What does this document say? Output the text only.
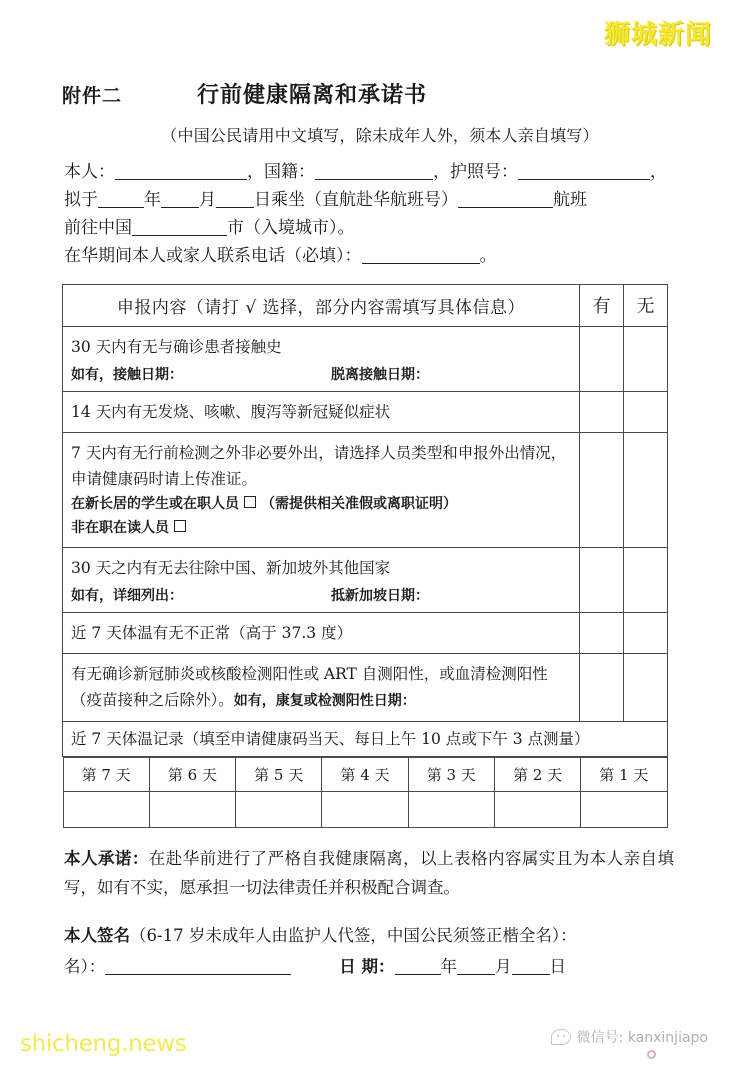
附件二	行前健康隔离和承诺书
（中国公民请用中文填写，除未成年人外，须本人亲自填写）
本人：	，国籍：	，护照号：	，
拟于	年 月 日乘坐（直航赴华航班号）	航班
前往中国	市（入境城市）。
在华期间本人或家人联系电话（必填）：	。
申报内容（请打 √ 选择，部分内容需填写具体信息）	有	无

30 天内有无与确诊患者接触史
如有，接触日期：	脱离接触日期：

14 天内有无发烧、咳嗽、腹泻等新冠疑似症状

7 天内有无行前检测之外非必要外出，请选择人员类型和申报外出情况，申请健康码时请上传准证。
在新长居的学生或在职人员 （需提供相关准假或离职证明）
非在职在读人员

30 天之内有无去往除中国、新加坡外其他国家
如有，详细列出：	抵新加坡日期：

近 7 天体温有无不正常（高于 37.3 度）

有无确诊新冠肺炎或核酸检测阳性或 ART 自测阳性，或血清检测阳性（疫苗接种之后除外）。如有，康复或检测阳性日期：

近 7 天体温记录（填至申请健康码当天、每日上午 10 点或下午 3 点测量）

第 7 天	第 6 天	第 5 天	第 4 天	第 3 天	第 2 天	第 1 天

本人承诺：在赴华前进行了严格自我健康隔离，以上表格内容属实且为本人亲自填写，如有不实，愿承担一切法律责任并积极配合调查。
本人签名（6-17 岁未成年人由监护人代签，中国公民须签正楷全名）：
名）：	日 期：	年 月 日
狮城新闻
shicheng.news	微信号: kanxinjiapo
